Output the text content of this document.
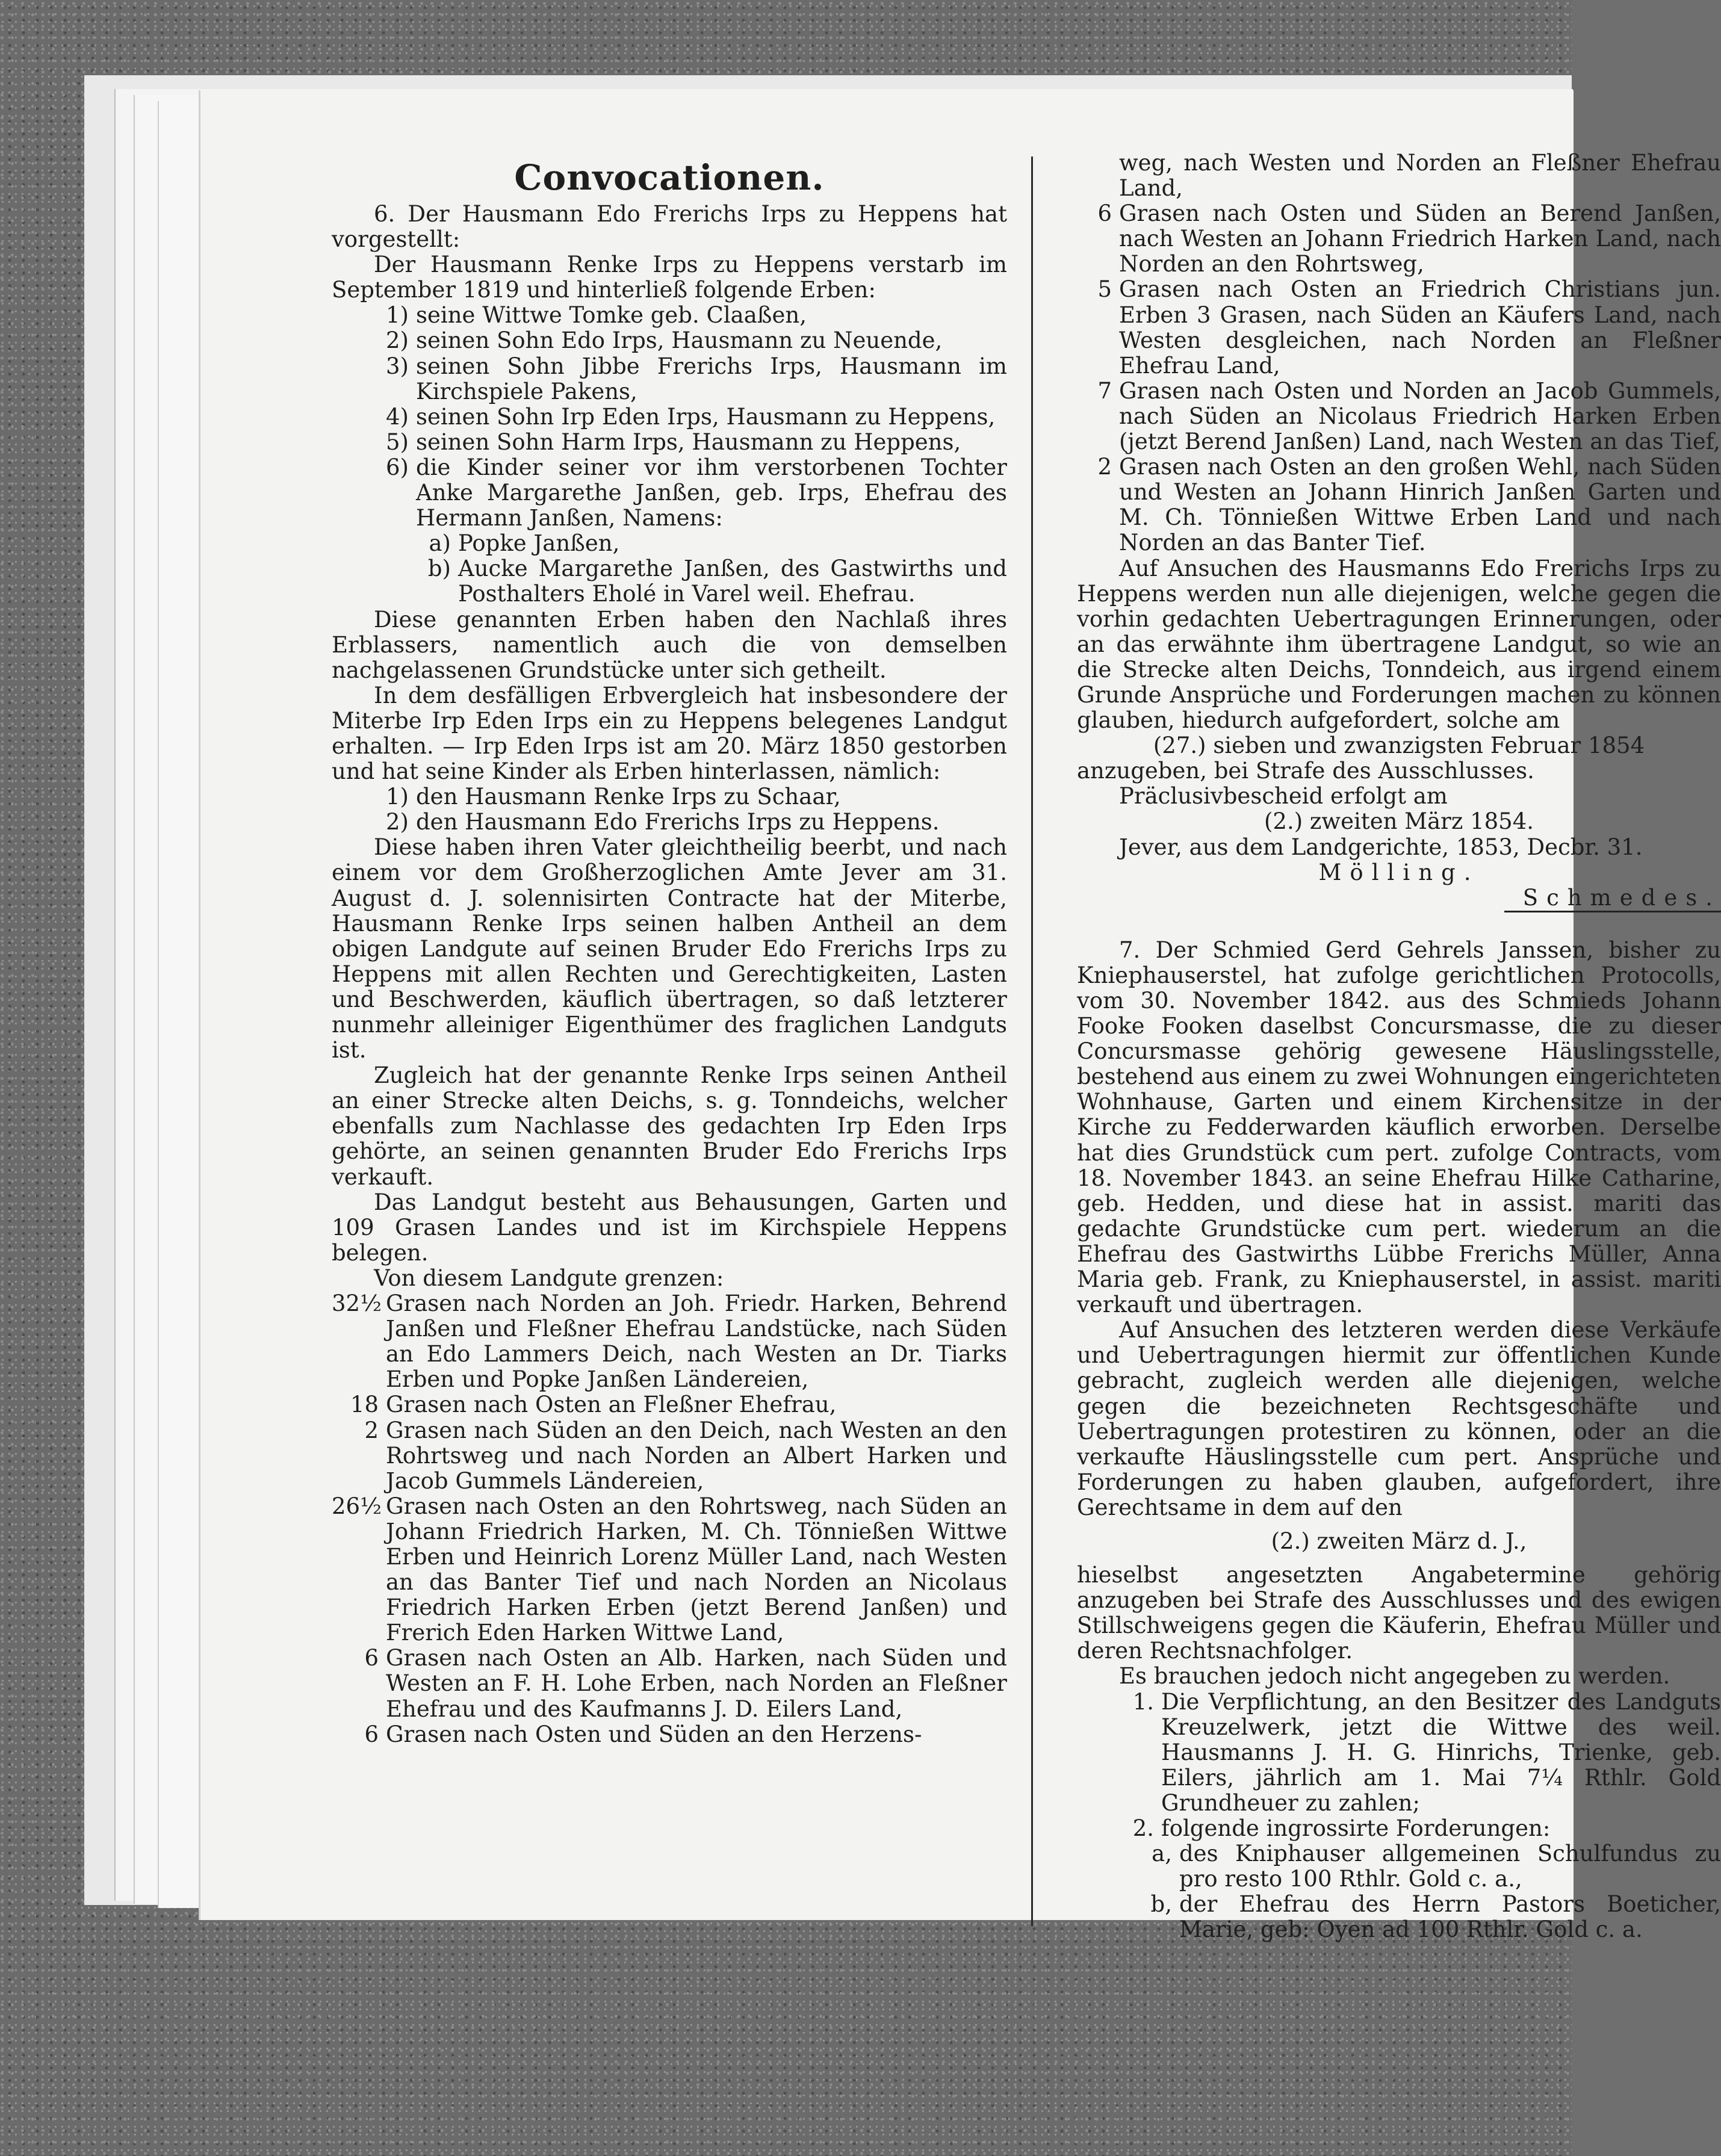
Convocationen.

6. Der Hausmann Edo Frerichs Irps zu Heppens hat vorgestellt:

Der Hausmann Renke Irps zu Heppens verstarb im September 1819 und hinterließ folgende Erben:

1) seine Wittwe Tomke geb. Claaßen,
2) seinen Sohn Edo Irps, Hausmann zu Neuende,
3) seinen Sohn Jibbe Frerichs Irps, Hausmann im Kirchspiele Pakens,
4) seinen Sohn Irp Eden Irps, Hausmann zu Heppens,
5) seinen Sohn Harm Irps, Hausmann zu Heppens,
6) die Kinder seiner vor ihm verstorbenen Tochter Anke Margarethe Janßen, geb. Irps, Ehefrau des Hermann Janßen, Namens:
a) Popke Janßen,
b) Aucke Margarethe Janßen, des Gastwirths und Posthalters Eholé in Varel weil. Ehefrau.

Diese genannten Erben haben den Nachlaß ihres Erblassers, namentlich auch die von demselben nachgelassenen Grundstücke unter sich getheilt.

In dem desfälligen Erbvergleich hat insbesondere der Miterbe Irp Eden Irps ein zu Heppens belegenes Landgut erhalten. — Irp Eden Irps ist am 20. März 1850 gestorben und hat seine Kinder als Erben hinterlassen, nämlich:

1) den Hausmann Renke Irps zu Schaar,
2) den Hausmann Edo Frerichs Irps zu Heppens.

Diese haben ihren Vater gleichtheilig beerbt, und nach einem vor dem Großherzoglichen Amte Jever am 31. August d. J. solennisirten Contracte hat der Miterbe, Hausmann Renke Irps seinen halben Antheil an dem obigen Landgute auf seinen Bruder Edo Frerichs Irps zu Heppens mit allen Rechten und Gerechtigkeiten, Lasten und Beschwerden, käuflich übertragen, so daß letzterer nunmehr alleiniger Eigenthümer des fraglichen Landguts ist.

Zugleich hat der genannte Renke Irps seinen Antheil an einer Strecke alten Deichs, s. g. Tonndeichs, welcher ebenfalls zum Nachlasse des gedachten Irp Eden Irps gehörte, an seinen genannten Bruder Edo Frerichs Irps verkauft.

Das Landgut besteht aus Behausungen, Garten und 109 Grasen Landes und ist im Kirchspiele Heppens belegen.

Von diesem Landgute grenzen:

32½ Grasen nach Norden an Joh. Friedr. Harken, Behrend Janßen und Fleßner Ehefrau Landstücke, nach Süden an Edo Lammers Deich, nach Westen an Dr. Tiarks Erben und Popke Janßen Ländereien,
18 Grasen nach Osten an Fleßner Ehefrau,
2 Grasen nach Süden an den Deich, nach Westen an den Rohrtsweg und nach Norden an Albert Harken und Jacob Gummels Ländereien,
26½ Grasen nach Osten an den Rohrtsweg, nach Süden an Johann Friedrich Harken, M. Ch. Tönnießen Wittwe Erben und Heinrich Lorenz Müller Land, nach Westen an das Banter Tief und nach Norden an Nicolaus Friedrich Harken Erben (jetzt Berend Janßen) und Frerich Eden Harken Wittwe Land,
6 Grasen nach Osten an Alb. Harken, nach Süden und Westen an F. H. Lohe Erben, nach Norden an Fleßner Ehefrau und des Kaufmanns J. D. Eilers Land,
6 Grasen nach Osten und Süden an den Herzens-

weg, nach Westen und Norden an Fleßner Ehefrau Land,

6 Grasen nach Osten und Süden an Berend Janßen, nach Westen an Johann Friedrich Harken Land, nach Norden an den Rohrtsweg,
5 Grasen nach Osten an Friedrich Christians jun. Erben 3 Grasen, nach Süden an Käufers Land, nach Westen desgleichen, nach Norden an Fleßner Ehefrau Land,
7 Grasen nach Osten und Norden an Jacob Gummels, nach Süden an Nicolaus Friedrich Harken Erben (jetzt Berend Janßen) Land, nach Westen an das Tief,
2 Grasen nach Osten an den großen Wehl, nach Süden und Westen an Johann Hinrich Janßen Garten und M. Ch. Tönnießen Wittwe Erben Land und nach Norden an das Banter Tief.

Auf Ansuchen des Hausmanns Edo Frerichs Irps zu Heppens werden nun alle diejenigen, welche gegen die vorhin gedachten Uebertragungen Erinnerungen, oder an das erwähnte ihm übertragene Landgut, so wie an die Strecke alten Deichs, Tonndeich, aus irgend einem Grunde Ansprüche und Forderungen machen zu können glauben, hiedurch aufgefordert, solche am

(27.) sieben und zwanzigsten Februar 1854

anzugeben, bei Strafe des Ausschlusses.

Präclusivbescheid erfolgt am

(2.) zweiten März 1854.

Jever, aus dem Landgerichte, 1853, Decbr. 31.

Mölling.

Schmedes.

7. Der Schmied Gerd Gehrels Janssen, bisher zu Kniephauserstel, hat zufolge gerichtlichen Protocolls, vom 30. November 1842. aus des Schmieds Johann Fooke Fooken daselbst Concursmasse, die zu dieser Concursmasse gehörig gewesene Häuslingsstelle, bestehend aus einem zu zwei Wohnungen eingerichteten Wohnhause, Garten und einem Kirchensitze in der Kirche zu Fedderwarden käuflich erworben. Derselbe hat dies Grundstück cum pert. zufolge Contracts, vom 18. November 1843. an seine Ehefrau Hilke Catharine, geb. Hedden, und diese hat in assist. mariti das gedachte Grundstücke cum pert. wiederum an die Ehefrau des Gastwirths Lübbe Frerichs Müller, Anna Maria geb. Frank, zu Kniephauserstel, in assist. mariti verkauft und übertragen.

Auf Ansuchen des letzteren werden diese Verkäufe und Uebertragungen hiermit zur öffentlichen Kunde gebracht, zugleich werden alle diejenigen, welche gegen die bezeichneten Rechtsgeschäfte und Uebertragungen protestiren zu können, oder an die verkaufte Häuslingsstelle cum pert. Ansprüche und Forderungen zu haben glauben, aufgefordert, ihre Gerechtsame in dem auf den

(2.) zweiten März d. J.,

hieselbst angesetzten Angabetermine gehörig anzugeben bei Strafe des Ausschlusses und des ewigen Stillschweigens gegen die Käuferin, Ehefrau Müller und deren Rechtsnachfolger.

Es brauchen jedoch nicht angegeben zu werden.

1. Die Verpflichtung, an den Besitzer des Landguts Kreuzelwerk, jetzt die Wittwe des weil. Hausmanns J. H. G. Hinrichs, Trienke, geb. Eilers, jährlich am 1. Mai 7¼ Rthlr. Gold Grundheuer zu zahlen;
2. folgende ingrossirte Forderungen:
a, des Kniphauser allgemeinen Schulfundus zu pro resto 100 Rthlr. Gold c. a.,
b, der Ehefrau des Herrn Pastors Boeticher, Marie, geb: Oyen ad 100 Rthlr. Gold c. a.
